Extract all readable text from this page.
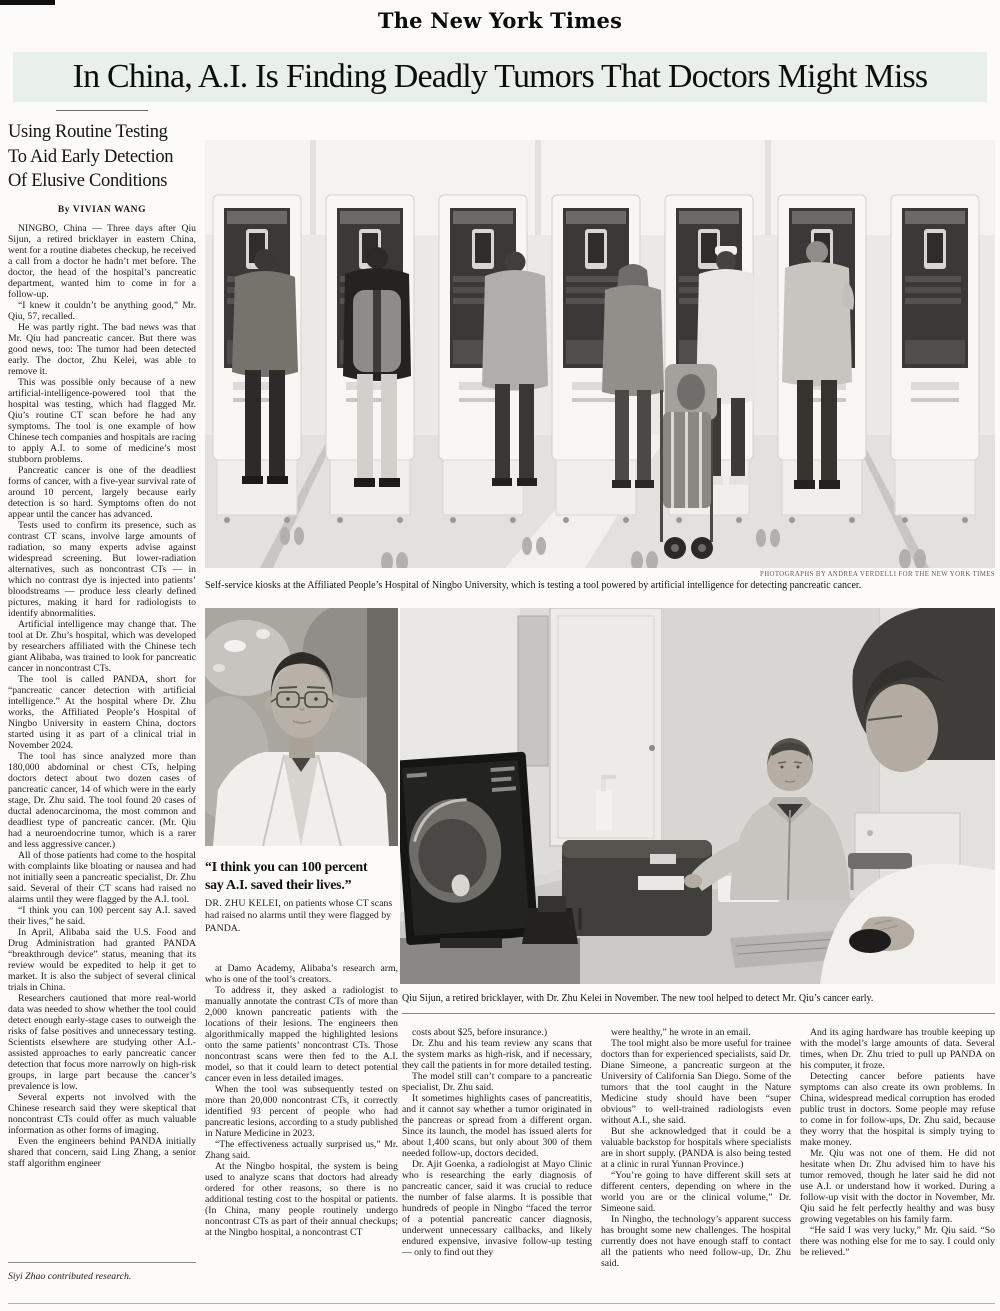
The New York Times
In China, A.I. Is Finding Deadly Tumors That Doctors Might Miss
Using Routine Testing
To Aid Early Detection
Of Elusive Conditions
By VIVIAN WANG

NINGBO, China — Three days after Qiu Sijun, a retired bricklayer in eastern China, went for a routine diabetes checkup, he received a call from a doctor he hadn’t met before. The doctor, the head of the hospital’s pancreatic department, wanted him to come in for a follow-up.

“I knew it couldn’t be anything good,” Mr. Qiu, 57, recalled.

He was partly right. The bad news was that Mr. Qiu had pancreatic cancer. But there was good news, too: The tumor had been detected early. The doctor, Zhu Kelei, was able to remove it.

This was possible only because of a new artificial-intelligence-powered tool that the hospital was testing, which had flagged Mr. Qiu’s routine CT scan before he had any symptoms. The tool is one example of how Chinese tech companies and hospitals are racing to apply A.I. to some of medicine’s most stubborn problems.

Pancreatic cancer is one of the deadliest forms of cancer, with a five-year survival rate of around 10 percent, largely because early detection is so hard. Symptoms often do not appear until the cancer has advanced.

Tests used to confirm its presence, such as contrast CT scans, involve large amounts of radiation, so many experts advise against widespread screening. But lower-radiation alternatives, such as noncontrast CTs — in which no contrast dye is injected into patients’ bloodstreams — produce less clearly defined pictures, making it hard for radiologists to identify abnormalities.

Artificial intelligence may change that. The tool at Dr. Zhu’s hospital, which was developed by researchers affiliated with the Chinese tech giant Alibaba, was trained to look for pancreatic cancer in noncontrast CTs.

The tool is called PANDA, short for “pancreatic cancer detection with artificial intelligence.” At the hospital where Dr. Zhu works, the Affiliated People’s Hospital of Ningbo University in eastern China, doctors started using it as part of a clinical trial in November 2024.

The tool has since analyzed more than 180,000 abdominal or chest CTs, helping doctors detect about two dozen cases of pancreatic cancer, 14 of which were in the early stage, Dr. Zhu said. The tool found 20 cases of ductal adenocarcinoma, the most common and deadliest type of pancreatic cancer. (Mr. Qiu had a neuroendocrine tumor, which is a rarer and less aggressive cancer.)

All of those patients had come to the hospital with complaints like bloating or nausea and had not initially seen a pancreatic specialist, Dr. Zhu said. Several of their CT scans had raised no alarms until they were flagged by the A.I. tool.

“I think you can 100 percent say A.I. saved their lives,” he said.

In April, Alibaba said the U.S. Food and Drug Administration had granted PANDA “breakthrough device” status, meaning that its review would be expedited to help it get to market. It is also the subject of several clinical trials in China.

Researchers cautioned that more real-world data was needed to show whether the tool could detect enough early-stage cases to outweigh the risks of false positives and unnecessary testing. Scientists elsewhere are studying other A.I.-assisted approaches to early pancreatic cancer detection that focus more narrowly on high-risk groups, in large part because the cancer’s prevalence is low.

Several experts not involved with the Chinese research said they were skeptical that noncontrast CTs could offer as much valuable information as other forms of imaging.

Even the engineers behind PANDA initially shared that concern, said Ling Zhang, a senior staff algorithm engineer

Siyi Zhao contributed research.
PHOTOGRAPHS BY ANDREA VERDELLI FOR THE NEW YORK TIMES
Self-service kiosks at the Affiliated People’s Hospital of Ningbo University, which is testing a tool powered by artificial intelligence for detecting pancreatic cancer.
“I think you can 100 percent
say A.I. saved their lives.”
DR. ZHU KELEI, on patients whose CT scans had raised no alarms until they were flagged by PANDA.

at Damo Academy, Alibaba’s research arm, who is one of the tool’s creators.

To address it, they asked a radiologist to manually annotate the contrast CTs of more than 2,000 known pancreatic patients with the locations of their lesions. The engineers then algorithmically mapped the highlighted lesions onto the same patients’ noncontrast CTs. Those noncontrast scans were then fed to the A.I. model, so that it could learn to detect potential cancer even in less detailed images.

When the tool was subsequently tested on more than 20,000 noncontrast CTs, it correctly identified 93 percent of people who had pancreatic lesions, according to a study published in Nature Medicine in 2023.

“The effectiveness actually surprised us,” Mr. Zhang said.

At the Ningbo hospital, the system is being used to analyze scans that doctors had already ordered for other reasons, so there is no additional testing cost to the hospital or patients. (In China, many people routinely undergo noncontrast CTs as part of their annual checkups; at the Ningbo hospital, a noncontrast CT

Qiu Sijun, a retired bricklayer, with Dr. Zhu Kelei in November. The new tool helped to detect Mr. Qiu’s cancer early.

costs about $25, before insurance.)

Dr. Zhu and his team review any scans that the system marks as high-risk, and if necessary, they call the patients in for more detailed testing.

The model still can’t compare to a pancreatic specialist, Dr. Zhu said.

It sometimes highlights cases of pancreatitis, and it cannot say whether a tumor originated in the pancreas or spread from a different organ. Since its launch, the model has issued alerts for about 1,400 scans, but only about 300 of them needed follow-up, doctors decided.

Dr. Ajit Goenka, a radiologist at Mayo Clinic who is researching the early diagnosis of pancreatic cancer, said it was crucial to reduce the number of false alarms. It is possible that hundreds of people in Ningbo “faced the terror of a potential pancreatic cancer diagnosis, underwent unnecessary callbacks, and likely endured expensive, invasive follow-up testing — only to find out they

were healthy,” he wrote in an email.

The tool might also be more useful for trainee doctors than for experienced specialists, said Dr. Diane Simeone, a pancreatic surgeon at the University of California San Diego. Some of the tumors that the tool caught in the Nature Medicine study should have been “super obvious” to well-trained radiologists even without A.I., she said.

But she acknowledged that it could be a valuable backstop for hospitals where specialists are in short supply. (PANDA is also being tested at a clinic in rural Yunnan Province.)

“You’re going to have different skill sets at different centers, depending on where in the world you are or the clinical volume,” Dr. Simeone said.

In Ningbo, the technology’s apparent success has brought some new challenges. The hospital currently does not have enough staff to contact all the patients who need follow-up, Dr. Zhu said.

And its aging hardware has trouble keeping up with the model’s large amounts of data. Several times, when Dr. Zhu tried to pull up PANDA on his computer, it froze.

Detecting cancer before patients have symptoms can also create its own problems. In China, widespread medical corruption has eroded public trust in doctors. Some people may refuse to come in for follow-ups, Dr. Zhu said, because they worry that the hospital is simply trying to make money.

Mr. Qiu was not one of them. He did not hesitate when Dr. Zhu advised him to have his tumor removed, though he later said he did not use A.I. or understand how it worked. During a follow-up visit with the doctor in November, Mr. Qiu said he felt perfectly healthy and was busy growing vegetables on his family farm.

“He said I was very lucky,” Mr. Qiu said. “So there was nothing else for me to say. I could only be relieved.”
